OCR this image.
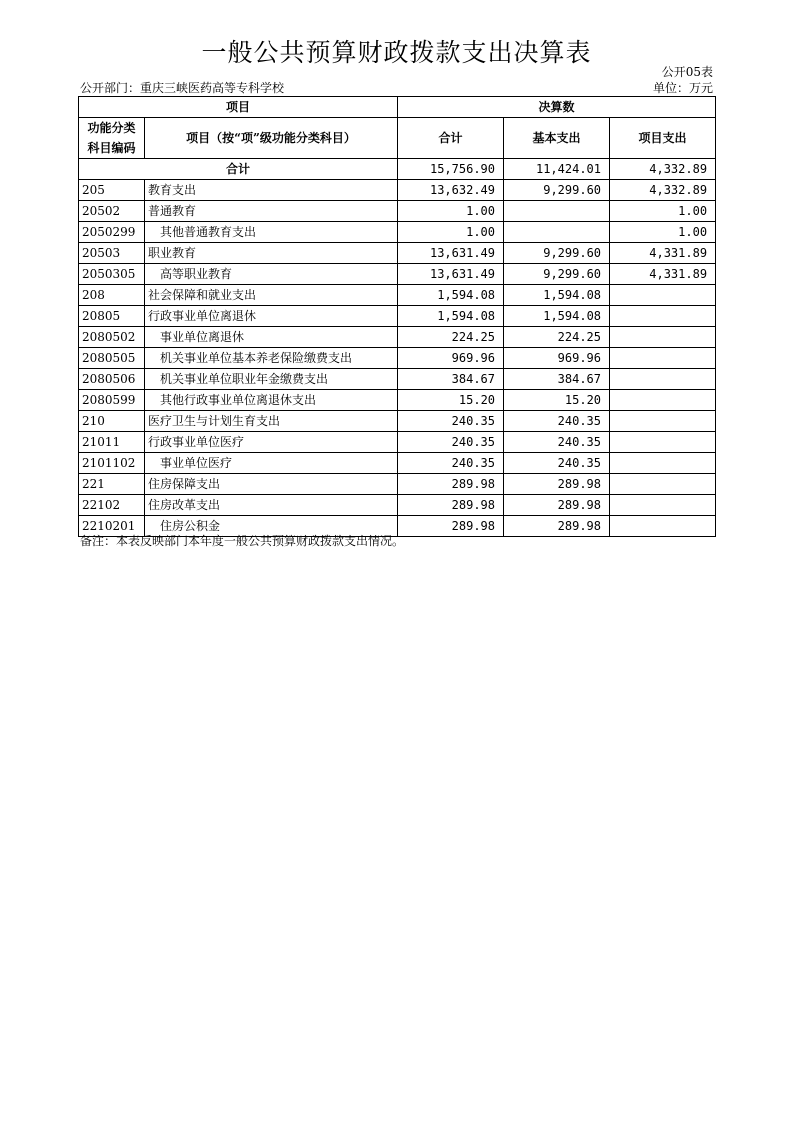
一般公共预算财政拨款支出决算表
公开05表
公开部门：重庆三峡医药高等专科学校	单位：万元
项目		决算数		
功能分类
科目编码	项目（按“项”级功能分类科目）	合计	基本支出	项目支出
合计		15,756.90	11,424.01	4,332.89
205	教育支出	13,632.49	9,299.60	4,332.89
20502	普通教育	1.00		1.00
2050299	其他普通教育支出	1.00		1.00
20503	职业教育	13,631.49	9,299.60	4,331.89
2050305	高等职业教育	13,631.49	9,299.60	4,331.89
208	社会保障和就业支出	1,594.08	1,594.08	
20805	行政事业单位离退休	1,594.08	1,594.08	
2080502	事业单位离退休	224.25	224.25	
2080505	机关事业单位基本养老保险缴费支出	969.96	969.96	
2080506	机关事业单位职业年金缴费支出	384.67	384.67	
2080599	其他行政事业单位离退休支出	15.20	15.20	
210	医疗卫生与计划生育支出	240.35	240.35	
21011	行政事业单位医疗	240.35	240.35	
2101102	事业单位医疗	240.35	240.35	
221	住房保障支出	289.98	289.98	
22102	住房改革支出	289.98	289.98	
2210201	住房公积金	289.98	289.98	
备注：本表反映部门本年度一般公共预算财政拨款支出情况。
